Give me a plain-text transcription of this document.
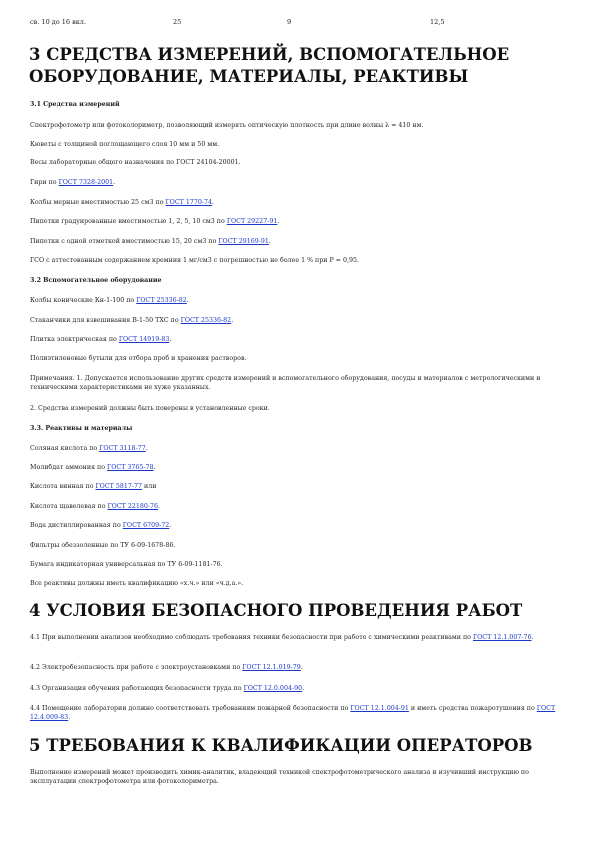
св. 10 до 16 вкл.	25	9	12,5
3 СРЕДСТВА ИЗМЕРЕНИЙ, ВСПОМОГАТЕЛЬНОЕ
ОБОРУДОВАНИЕ, МАТЕРИАЛЫ, РЕАКТИВЫ

3.1 Средства измерений

Спектрофотометр или фотоколориметр, позволяющий измерять оптическую плотность при длине волны λ = 410 нм.

Кюветы с толщиной поглощающего слоя 10 мм и 50 мм.

Весы лабораторные общего назначения по ГОСТ 24104-20001.

Гири по ГОСТ 7328-2001.

Колбы мерные вместимостью 25 см3 по ГОСТ 1770-74.

Пипетки градуированные вместимостью 1, 2, 5, 10 см3 по ГОСТ 29227-91.

Пипетки с одной отметкой вместимостью 15, 20 см3 по ГОСТ 29169-91.

ГСО с аттестованным содержанием кремния 1 мг/см3 с погрешностью не более 1 % при P = 0,95.

3.2 Вспомогательное оборудование

Колбы конические Кн-1-100 по ГОСТ 25336-82.

Стаканчики для взвешивания В-1-50 ТХС по ГОСТ 25336-82.

Плитка электрическая по ГОСТ 14919-83.

Полиэтиленовые бутыли для отбора проб и хранения растворов.

Примечания. 1. Допускается использование других средств измерений и вспомогательного оборудования, посуды и материалов с метрологическими и техническими характеристиками не хуже указанных.

2. Средства измерений должны быть поверены в установленные сроки.

3.3. Реактивы и материалы

Соляная кислота по ГОСТ 3118-77.

Молибдат аммония по ГОСТ 3765-78.

Кислота винная по ГОСТ 5817-77 или

Кислота щавелевая по ГОСТ 22180-76.

Вода дистиллированная по ГОСТ 6709-72.

Фильтры обеззоленные по ТУ 6-09-1678-86.

Бумага индикаторная универсальная по ТУ 6-09-1181-76.

Все реактивы должны иметь квалификацию «х.ч.» или «ч.д.а.».

4 УСЛОВИЯ БЕЗОПАСНОГО ПРОВЕДЕНИЯ РАБОТ

4.1 При выполнении анализов необходимо соблюдать требования техники безопасности при работе с химическими реактивами по ГОСТ 12.1.007-76.

4.2 Электробезопасность при работе с электроустановками по ГОСТ 12.1.019-79.

4.3 Организация обучения работающих безопасности труда по ГОСТ 12.0.004-90.

4.4 Помещение лаборатории должно соответствовать требованиям пожарной безопасности по ГОСТ 12.1.004-91 и иметь средства пожаротушения по ГОСТ 12.4.009-83.

5 ТРЕБОВАНИЯ К КВАЛИФИКАЦИИ ОПЕРАТОРОВ

Выполнение измерений может производить химик-аналитик, владеющий техникой спектрофотометрического анализа и изучивший инструкцию по эксплуатации спектрофотометра или фотоколориметра.
